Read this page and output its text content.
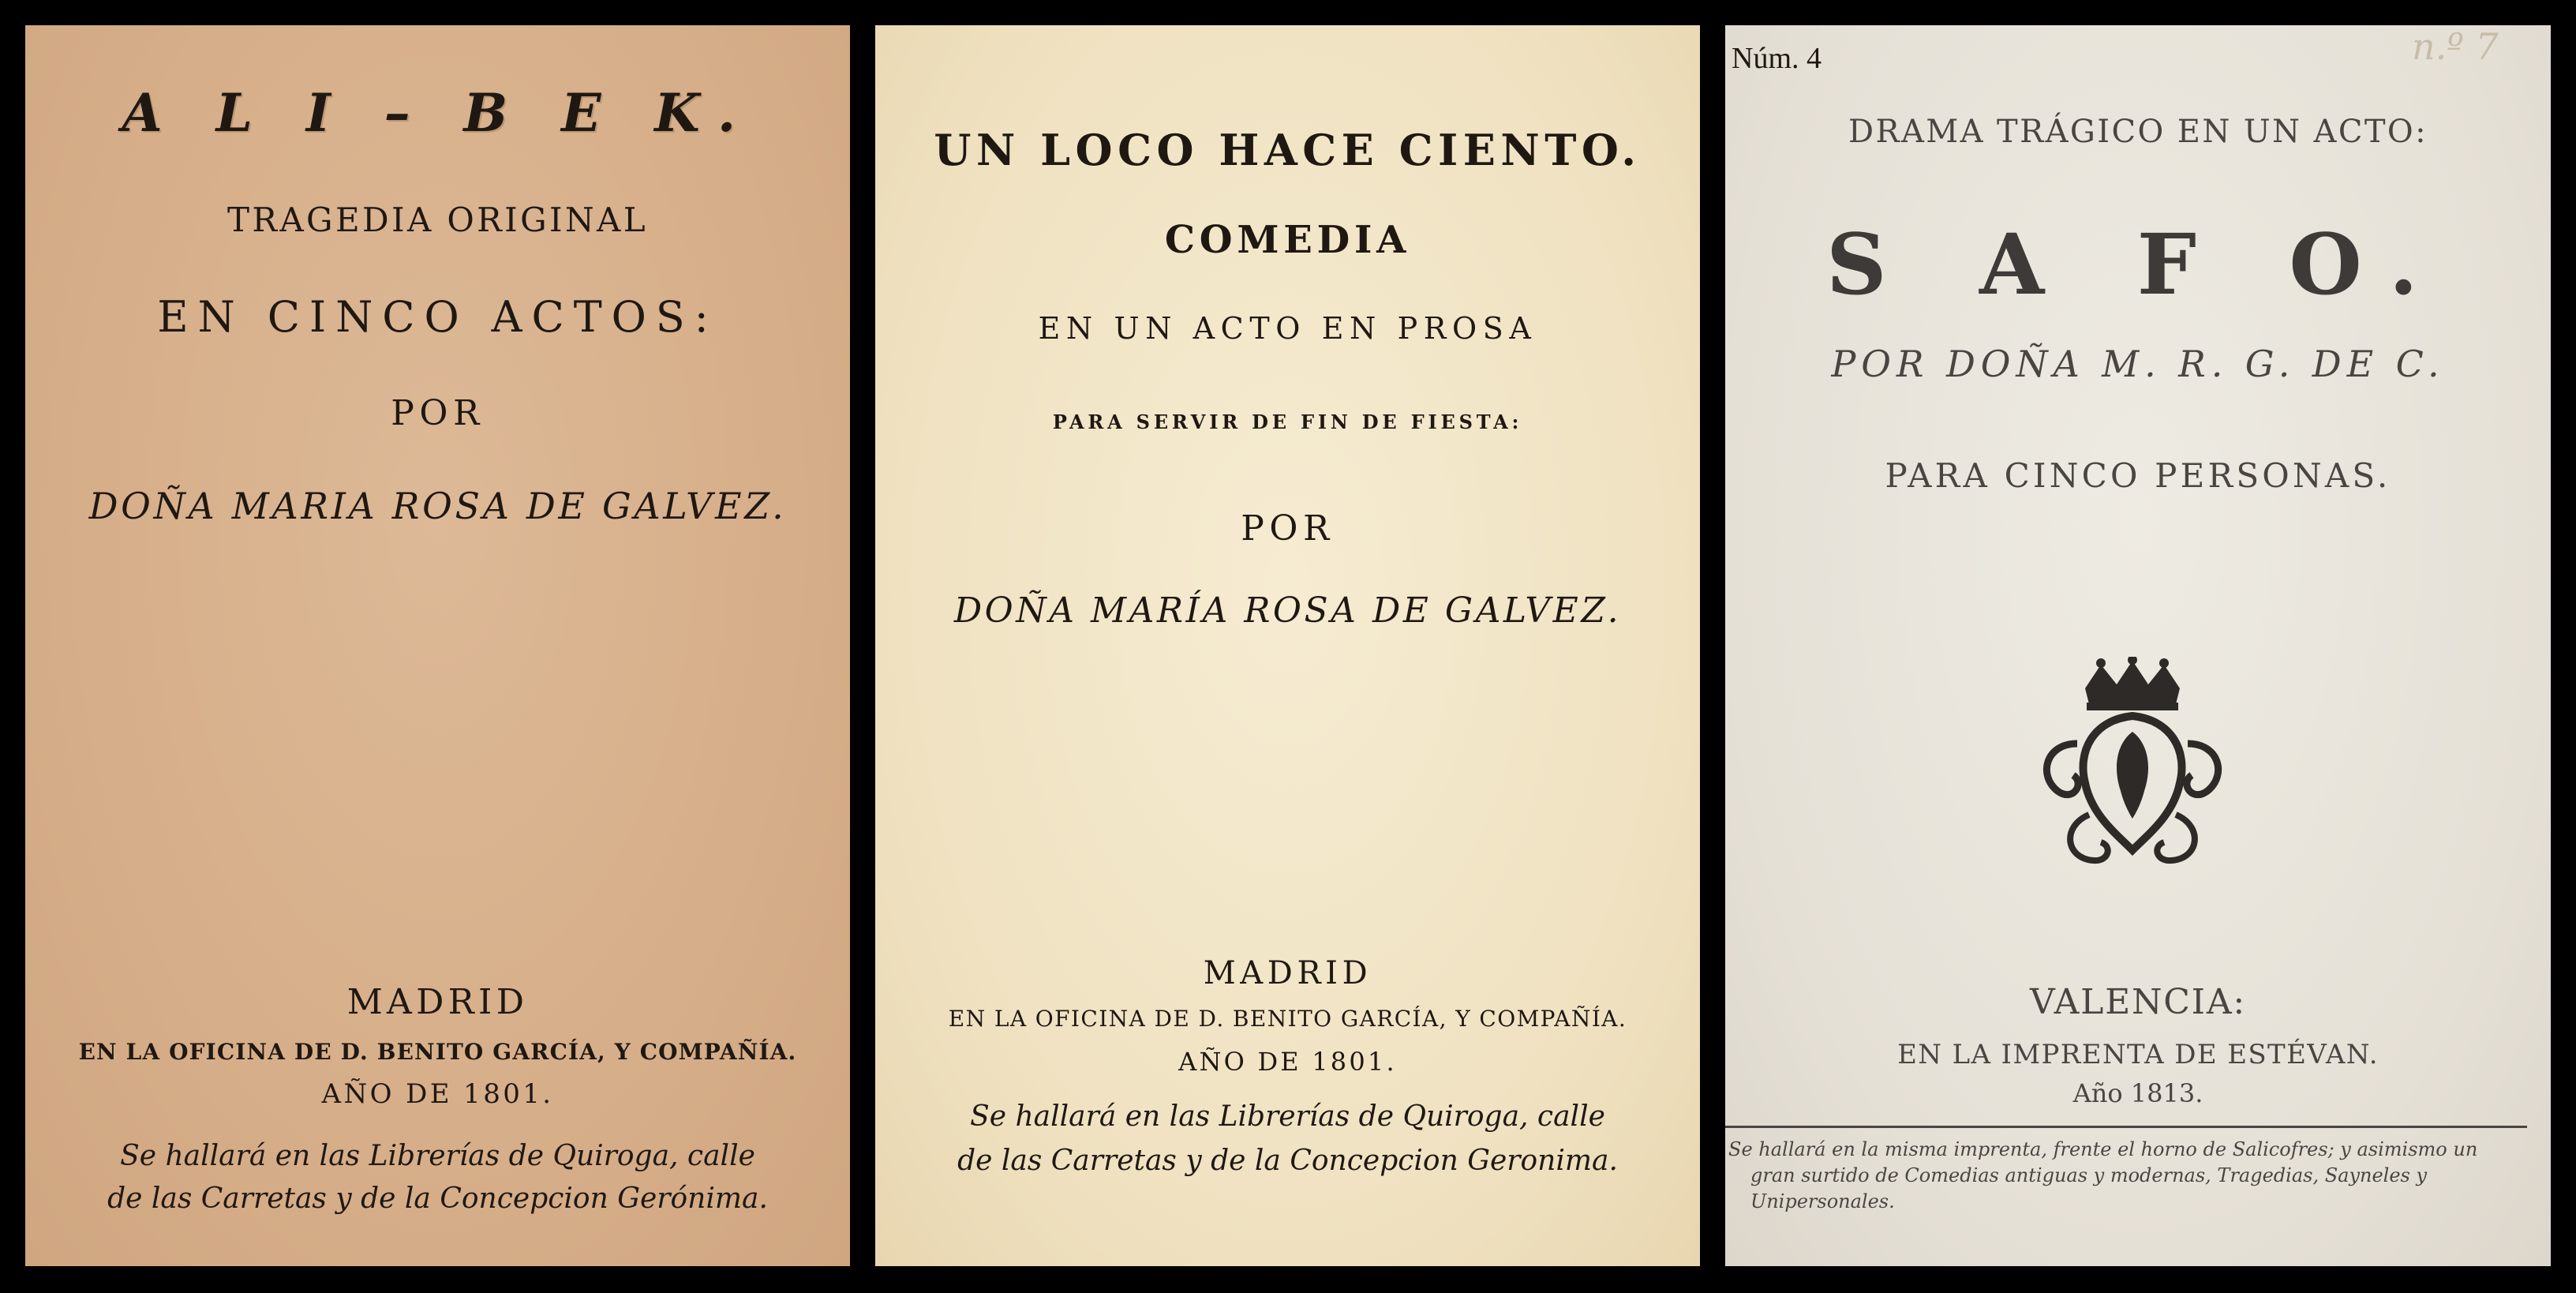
A L I – B E K.
TRAGEDIA ORIGINAL
EN CINCO ACTOS:
POR
DOÑA MARIA ROSA DE GALVEZ.
MADRID
EN LA OFICINA DE D. BENITO GARCÍA, Y COMPAÑÍA.
AÑO DE 1801.
Se hallará en las Librerías de Quiroga, calle
de las Carretas y de la Concepcion Gerónima.
UN LOCO HACE CIENTO.
COMEDIA
EN UN ACTO EN PROSA
PARA SERVIR DE FIN DE FIESTA:
POR
DOÑA MARÍA ROSA DE GALVEZ.
MADRID
EN LA OFICINA DE D. BENITO GARCÍA, Y COMPAÑÍA.
AÑO DE 1801.
Se hallará en las Librerías de Quiroga, calle
de las Carretas y de la Concepcion Geronima.
Núm. 4	n.º 7
DRAMA TRÁGICO EN UN ACTO:
S A F O.
POR DOÑA M. R. G. DE C.
PARA CINCO PERSONAS.
VALENCIA:
EN LA IMPRENTA DE ESTÉVAN.
Año 1813.
Se hallará en la misma imprenta, frente el horno de Salicofres; y asimismo un
gran surtido de Comedias antiguas y modernas, Tragedias, Sayneles y
Unipersonales.
